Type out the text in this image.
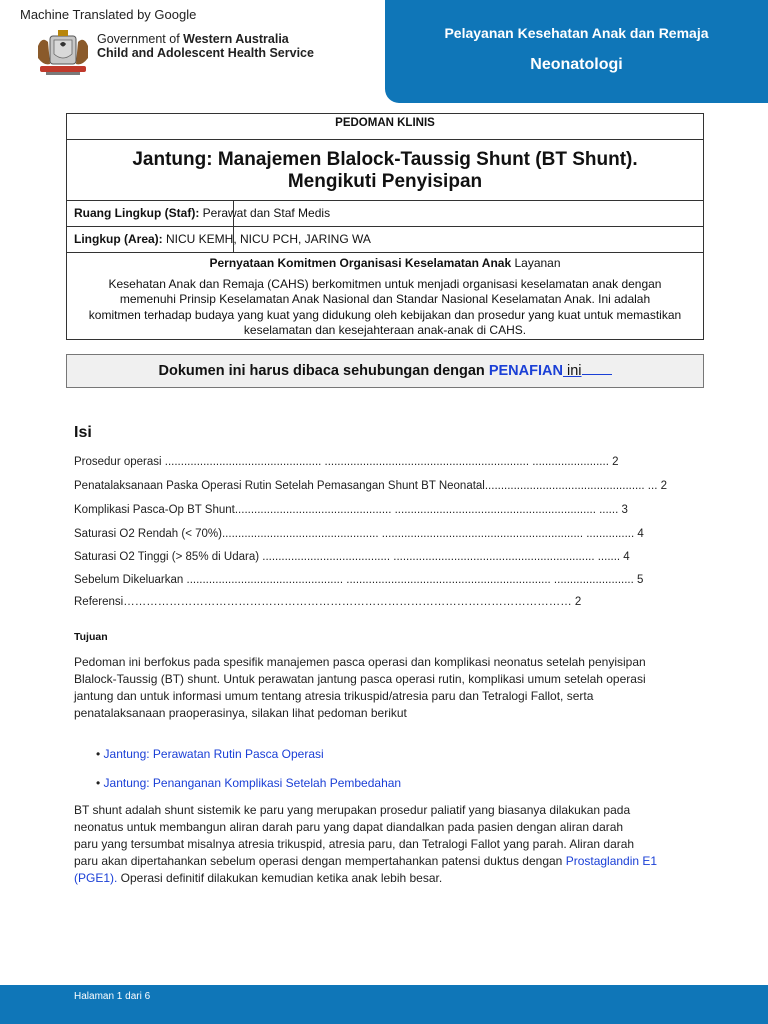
Machine Translated by Google
Government of Western Australia
Child and Adolescent Health Service
Pelayanan Kesehatan Anak dan Remaja
Neonatologi
PEDOMAN KLINIS
Jantung: Manajemen Blalock-Taussig Shunt (BT Shunt).
Mengikuti Penyisipan
Ruang Lingkup (Staf): Perawat dan Staf Medis
Lingkup (Area): NICU KEMH, NICU PCH, JARING WA
Pernyataan Komitmen Organisasi Keselamatan Anak Layanan
Kesehatan Anak dan Remaja (CAHS) berkomitmen untuk menjadi organisasi keselamatan anak dengan
memenuhi Prinsip Keselamatan Anak Nasional dan Standar Nasional Keselamatan Anak. Ini adalah
komitmen terhadap budaya yang kuat yang didukung oleh kebijakan dan prosedur yang kuat untuk memastikan
keselamatan dan kesejahteraan anak-anak di CAHS.
Dokumen ini harus dibaca sehubungan dengan PENAFIAN ini
Isi
Prosedur operasi ................................................. ................................................................ ........................ 2
Penatalaksanaan Paska Operasi Rutin Setelah Pemasangan Shunt BT Neonatal.................................................. ... 2
Komplikasi Pasca-Op BT Shunt................................................. ............................................................... ...... 3
Saturasi O2 Rendah (< 70%)................................................. ............................................................... ............... 4
Saturasi O2 Tinggi (> 85% di Udara) ........................................ ............................................................... ....... 4
Sebelum Dikeluarkan ................................................. ................................................................ ......................... 5
Referensi……………………………………………………………………………………………………… 2
Tujuan
Pedoman ini berfokus pada spesifik manajemen pasca operasi dan komplikasi neonatus setelah penyisipan
Blalock-Taussig (BT) shunt. Untuk perawatan jantung pasca operasi rutin, komplikasi umum setelah operasi
jantung dan untuk informasi umum tentang atresia trikuspid/atresia paru dan Tetralogi Fallot, serta
penatalaksanaan praoperasinya, silakan lihat pedoman berikut
• Jantung: Perawatan Rutin Pasca Operasi
• Jantung: Penanganan Komplikasi Setelah Pembedahan
BT shunt adalah shunt sistemik ke paru yang merupakan prosedur paliatif yang biasanya dilakukan pada
neonatus untuk membangun aliran darah paru yang dapat diandalkan pada pasien dengan aliran darah
paru yang tersumbat misalnya atresia trikuspid, atresia paru, dan Tetralogi Fallot yang parah. Aliran darah
paru akan dipertahankan sebelum operasi dengan mempertahankan patensi duktus dengan Prostaglandin E1
(PGE1). Operasi definitif dilakukan kemudian ketika anak lebih besar.
Halaman 1 dari 6
